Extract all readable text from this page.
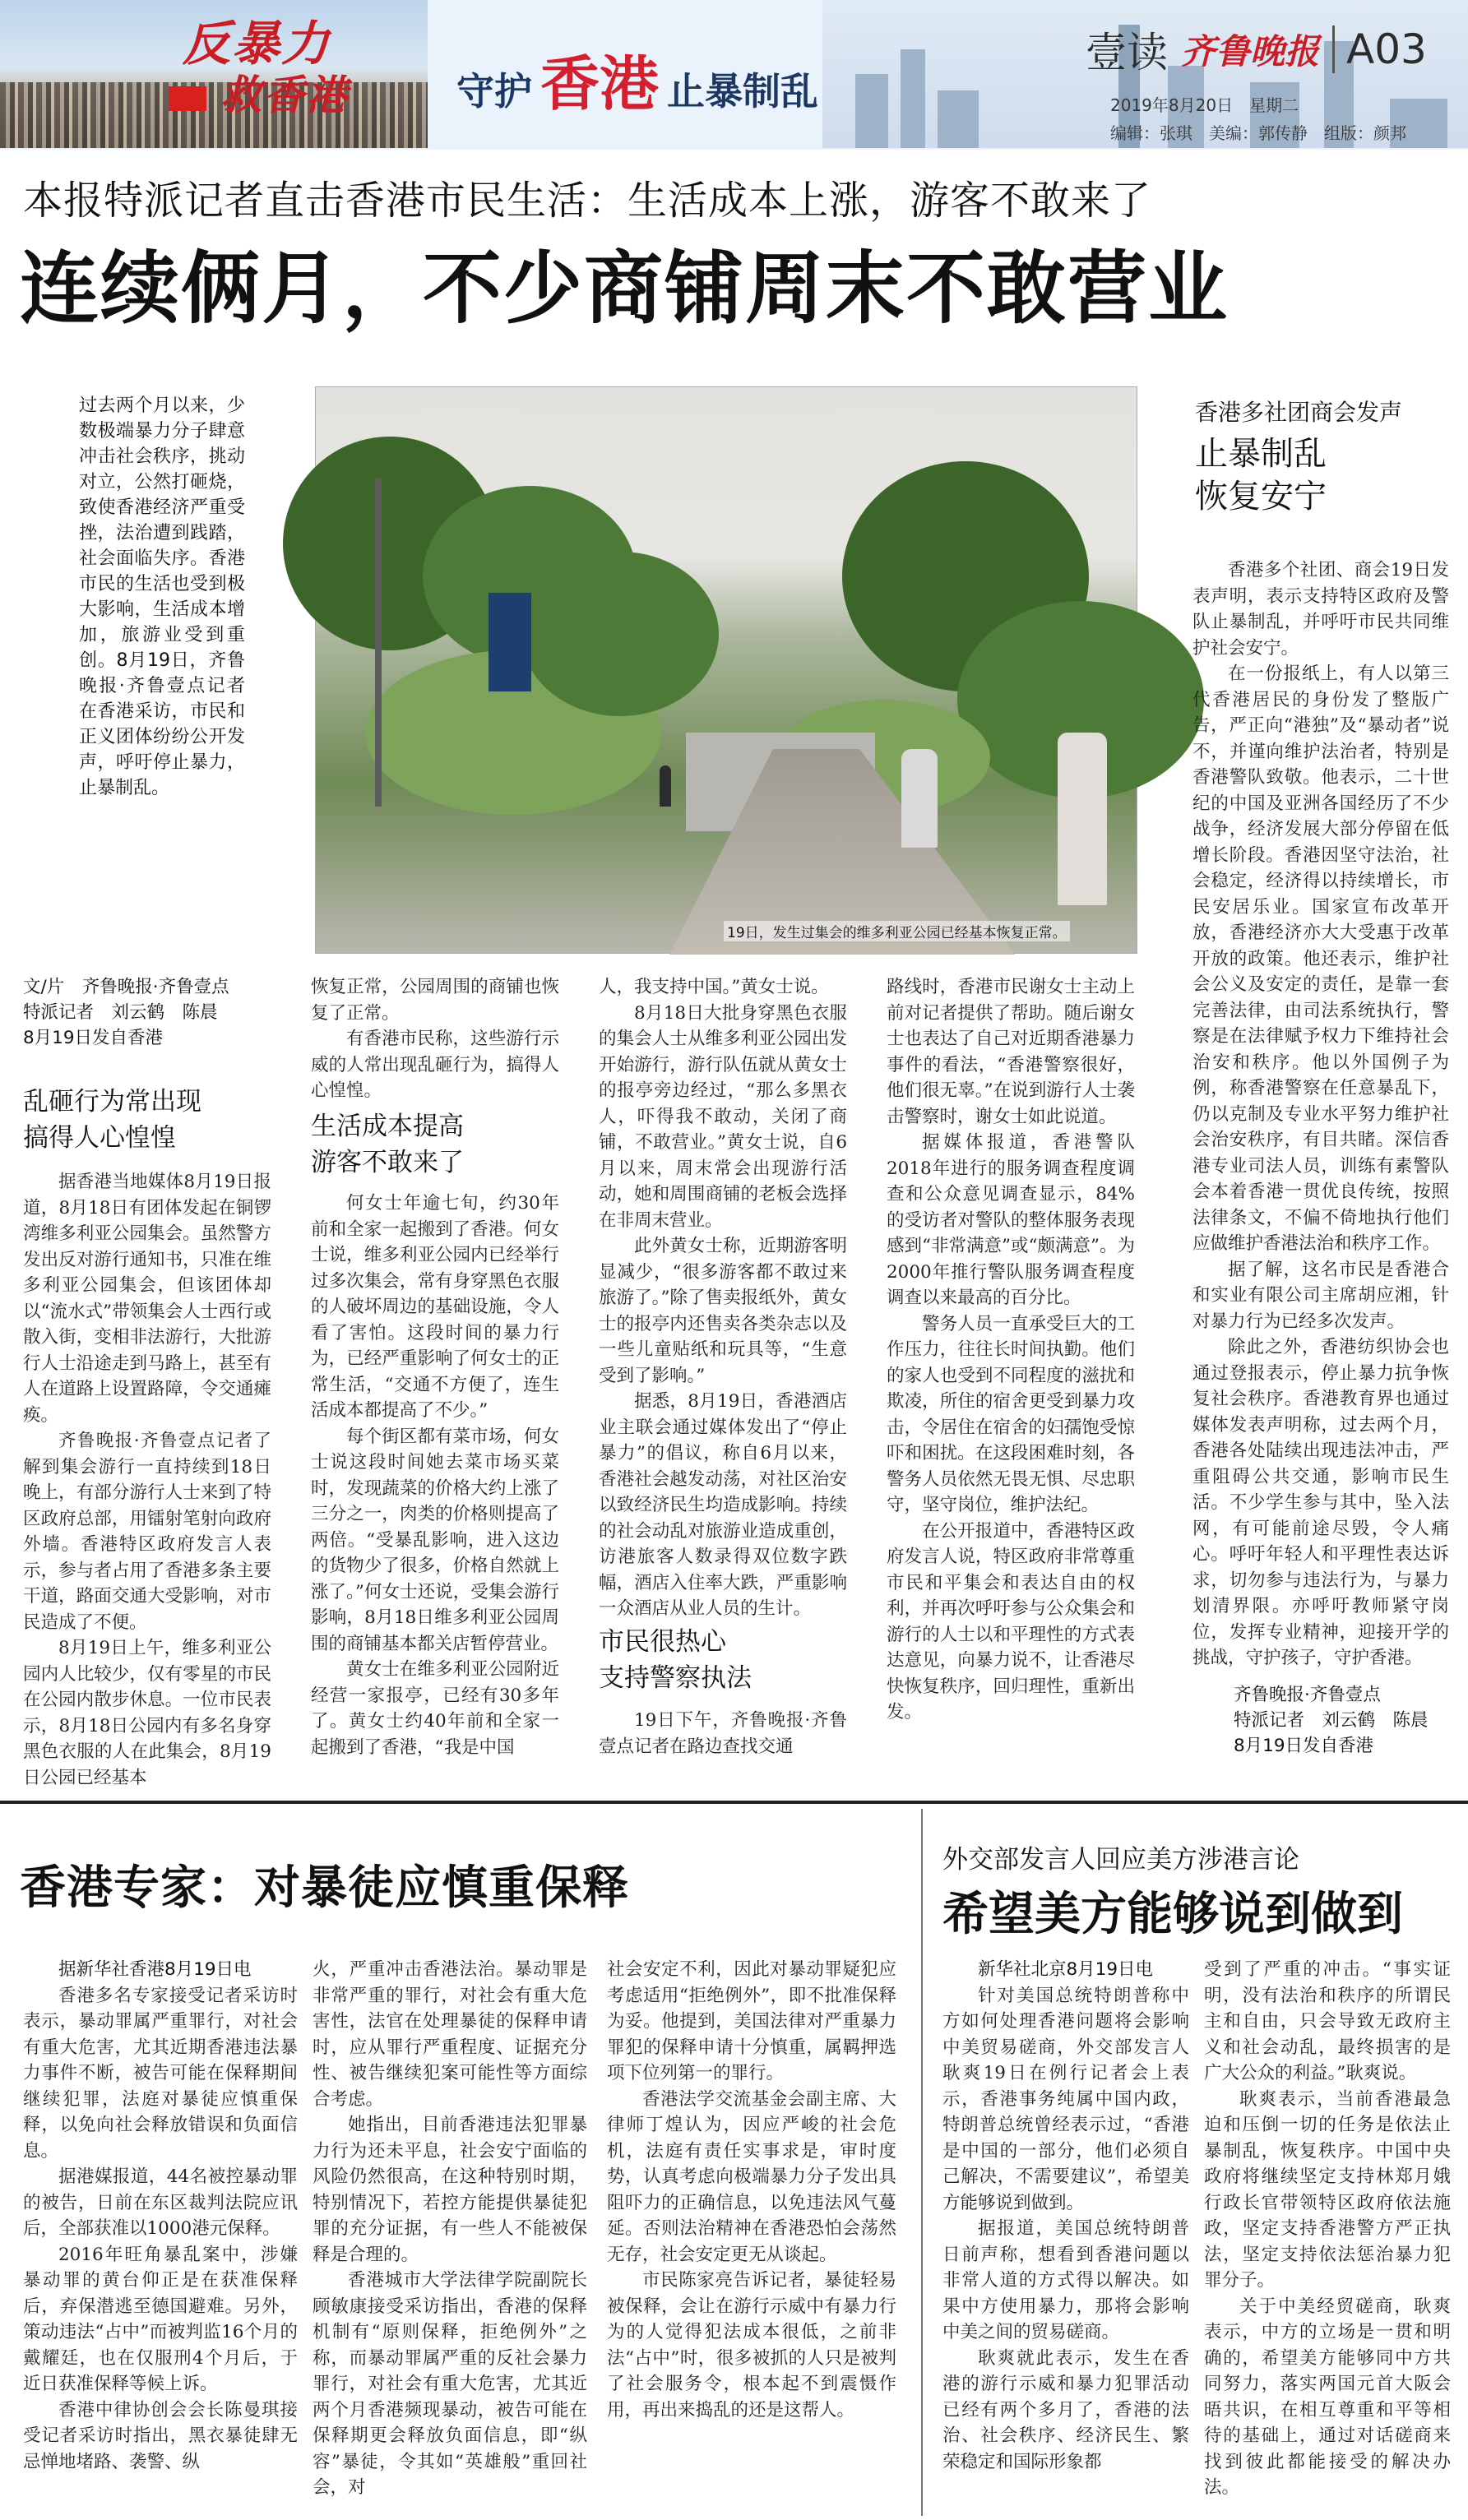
反暴力
救香港	守护 香港 止暴制乱
壹读 齐鲁晚报 A03
2019年8月20日　星期二
编辑：张琪　美编：郭传静　组版：颜邦
本报特派记者直击香港市民生活：生活成本上涨，游客不敢来了
连续俩月，不少商铺周末不敢营业
过去两个月以来，少数极端暴力分子肆意冲击社会秩序，挑动对立，公然打砸烧，致使香港经济严重受挫，法治遭到践踏，社会面临失序。香港市民的生活也受到极大影响，生活成本增加，旅游业受到重创。8月19日，齐鲁晚报·齐鲁壹点记者在香港采访，市民和正义团体纷纷公开发声，呼吁停止暴力，止暴制乱。
19日，发生过集会的维多利亚公园已经基本恢复正常。
文/片　齐鲁晚报·齐鲁壹点
特派记者　刘云鹤　陈晨
8月19日发自香港
乱砸行为常出现
搞得人心惶惶

据香港当地媒体8月19日报道，8月18日有团体发起在铜锣湾维多利亚公园集会。虽然警方发出反对游行通知书，只准在维多利亚公园集会，但该团体却以“流水式”带领集会人士西行或散入街，变相非法游行，大批游行人士沿途走到马路上，甚至有人在道路上设置路障，令交通瘫痪。

齐鲁晚报·齐鲁壹点记者了解到集会游行一直持续到18日晚上，有部分游行人士来到了特区政府总部，用镭射笔射向政府外墙。香港特区政府发言人表示，参与者占用了香港多条主要干道，路面交通大受影响，对市民造成了不便。

8月19日上午，维多利亚公园内人比较少，仅有零星的市民在公园内散步休息。一位市民表示，8月18日公园内有多名身穿黑色衣服的人在此集会，8月19日公园已经基本

恢复正常，公园周围的商铺也恢复了正常。

有香港市民称，这些游行示威的人常出现乱砸行为，搞得人心惶惶。

生活成本提高
游客不敢来了

何女士年逾七旬，约30年前和全家一起搬到了香港。何女士说，维多利亚公园内已经举行过多次集会，常有身穿黑色衣服的人破坏周边的基础设施，令人看了害怕。这段时间的暴力行为，已经严重影响了何女士的正常生活，“交通不方便了，连生活成本都提高了不少。”

每个街区都有菜市场，何女士说这段时间她去菜市场买菜时，发现蔬菜的价格大约上涨了三分之一，肉类的价格则提高了两倍。“受暴乱影响，进入这边的货物少了很多，价格自然就上涨了。”何女士还说，受集会游行影响，8月18日维多利亚公园周围的商铺基本都关店暂停营业。

黄女士在维多利亚公园附近经营一家报亭，已经有30多年了。黄女士约40年前和全家一起搬到了香港，“我是中国

人，我支持中国。”黄女士说。

8月18日大批身穿黑色衣服的集会人士从维多利亚公园出发开始游行，游行队伍就从黄女士的报亭旁边经过，“那么多黑衣人，吓得我不敢动，关闭了商铺，不敢营业。”黄女士说，自6月以来，周末常会出现游行活动，她和周围商铺的老板会选择在非周末营业。

此外黄女士称，近期游客明显减少，“很多游客都不敢过来旅游了。”除了售卖报纸外，黄女士的报亭内还售卖各类杂志以及一些儿童贴纸和玩具等，“生意受到了影响。”

据悉，8月19日，香港酒店业主联会通过媒体发出了“停止暴力”的倡议，称自6月以来，香港社会越发动荡，对社区治安以致经济民生均造成影响。持续的社会动乱对旅游业造成重创，访港旅客人数录得双位数字跌幅，酒店入住率大跌，严重影响一众酒店从业人员的生计。

市民很热心
支持警察执法

19日下午，齐鲁晚报·齐鲁壹点记者在路边查找交通

路线时，香港市民谢女士主动上前对记者提供了帮助。随后谢女士也表达了自己对近期香港暴力事件的看法，“香港警察很好，他们很无辜。”在说到游行人士袭击警察时，谢女士如此说道。

据媒体报道，香港警队2018年进行的服务调查程度调查和公众意见调查显示，84%的受访者对警队的整体服务表现感到“非常满意”或“颇满意”。为2000年推行警队服务调查程度调查以来最高的百分比。

警务人员一直承受巨大的工作压力，往往长时间执勤。他们的家人也受到不同程度的滋扰和欺凌，所住的宿舍更受到暴力攻击，令居住在宿舍的妇孺饱受惊吓和困扰。在这段困难时刻，各警务人员依然无畏无惧、尽忠职守，坚守岗位，维护法纪。

在公开报道中，香港特区政府发言人说，特区政府非常尊重市民和平集会和表达自由的权利，并再次呼吁参与公众集会和游行的人士以和平理性的方式表达意见，向暴力说不，让香港尽快恢复秩序，回归理性，重新出发。

香港多社团商会发声
止暴制乱
恢复安宁

香港多个社团、商会19日发表声明，表示支持特区政府及警队止暴制乱，并呼吁市民共同维护社会安宁。

在一份报纸上，有人以第三代香港居民的身份发了整版广告，严正向“港独”及“暴动者”说不，并谨向维护法治者，特别是香港警队致敬。他表示，二十世纪的中国及亚洲各国经历了不少战争，经济发展大部分停留在低增长阶段。香港因坚守法治，社会稳定，经济得以持续增长，市民安居乐业。国家宣布改革开放，香港经济亦大大受惠于改革开放的政策。他还表示，维护社会公义及安定的责任，是靠一套完善法律，由司法系统执行，警察是在法律赋予权力下维持社会治安和秩序。他以外国例子为例，称香港警察在任意暴乱下，仍以克制及专业水平努力维护社会治安秩序，有目共睹。深信香港专业司法人员，训练有素警队会本着香港一贯优良传统，按照法律条文，不偏不倚地执行他们应做维护香港法治和秩序工作。

据了解，这名市民是香港合和实业有限公司主席胡应湘，针对暴力行为已经多次发声。

除此之外，香港纺织协会也通过登报表示，停止暴力抗争恢复社会秩序。香港教育界也通过媒体发表声明称，过去两个月，香港各处陆续出现违法冲击，严重阻碍公共交通，影响市民生活。不少学生参与其中，坠入法网，有可能前途尽毁，令人痛心。呼吁年轻人和平理性表达诉求，切勿参与违法行为，与暴力划清界限。亦呼吁教师紧守岗位，发挥专业精神，迎接开学的挑战，守护孩子，守护香港。

齐鲁晚报·齐鲁壹点
特派记者　刘云鹤　陈晨
8月19日发自香港
香港专家：对暴徒应慎重保释

据新华社香港8月19日电

香港多名专家接受记者采访时表示，暴动罪属严重罪行，对社会有重大危害，尤其近期香港违法暴力事件不断，被告可能在保释期间继续犯罪，法庭对暴徒应慎重保释，以免向社会释放错误和负面信息。

据港媒报道，44名被控暴动罪的被告，日前在东区裁判法院应讯后，全部获准以1000港元保释。

2016年旺角暴乱案中，涉嫌暴动罪的黄台仰正是在获准保释后，弃保潜逃至德国避难。另外，策动违法“占中”而被判监16个月的戴耀廷，也在仅服刑4个月后，于近日获准保释等候上诉。

香港中律协创会会长陈曼琪接受记者采访时指出，黑衣暴徒肆无忌惮地堵路、袭警、纵

火，严重冲击香港法治。暴动罪是非常严重的罪行，对社会有重大危害性，法官在处理暴徒的保释申请时，应从罪行严重程度、证据充分性、被告继续犯案可能性等方面综合考虑。

她指出，目前香港违法犯罪暴力行为还未平息，社会安宁面临的风险仍然很高，在这种特别时期，特别情况下，若控方能提供暴徒犯罪的充分证据，有一些人不能被保释是合理的。

香港城市大学法律学院副院长顾敏康接受采访指出，香港的保释机制有“原则保释，拒绝例外”之称，而暴动罪属严重的反社会暴力罪行，对社会有重大危害，尤其近两个月香港频现暴动，被告可能在保释期更会释放负面信息，即“纵容”暴徒，令其如“英雄般”重回社会，对

社会安定不利，因此对暴动罪疑犯应考虑适用“拒绝例外”，即不批准保释为妥。他提到，美国法律对严重暴力罪犯的保释申请十分慎重，属羁押选项下位列第一的罪行。

香港法学交流基金会副主席、大律师丁煌认为，因应严峻的社会危机，法庭有责任实事求是，审时度势，认真考虑向极端暴力分子发出具阻吓力的正确信息，以免违法风气蔓延。否则法治精神在香港恐怕会荡然无存，社会安定更无从谈起。

市民陈家亮告诉记者，暴徒轻易被保释，会让在游行示威中有暴力行为的人觉得犯法成本很低，之前非法“占中”时，很多被抓的人只是被判了社会服务令，根本起不到震慑作用，再出来捣乱的还是这帮人。

外交部发言人回应美方涉港言论
希望美方能够说到做到

新华社北京8月19日电

针对美国总统特朗普称中方如何处理香港问题将会影响中美贸易磋商，外交部发言人耿爽19日在例行记者会上表示，香港事务纯属中国内政，特朗普总统曾经表示过，“香港是中国的一部分，他们必须自己解决，不需要建议”，希望美方能够说到做到。

据报道，美国总统特朗普日前声称，想看到香港问题以非常人道的方式得以解决。如果中方使用暴力，那将会影响中美之间的贸易磋商。

耿爽就此表示，发生在香港的游行示威和暴力犯罪活动已经有两个多月了，香港的法治、社会秩序、经济民生、繁荣稳定和国际形象都

受到了严重的冲击。“事实证明，没有法治和秩序的所谓民主和自由，只会导致无政府主义和社会动乱，最终损害的是广大公众的利益。”耿爽说。

耿爽表示，当前香港最急迫和压倒一切的任务是依法止暴制乱，恢复秩序。中国中央政府将继续坚定支持林郑月娥行政长官带领特区政府依法施政，坚定支持香港警方严正执法，坚定支持依法惩治暴力犯罪分子。

关于中美经贸磋商，耿爽表示，中方的立场是一贯和明确的，希望美方能够同中方共同努力，落实两国元首大阪会晤共识，在相互尊重和平等相待的基础上，通过对话磋商来找到彼此都能接受的解决办法。
